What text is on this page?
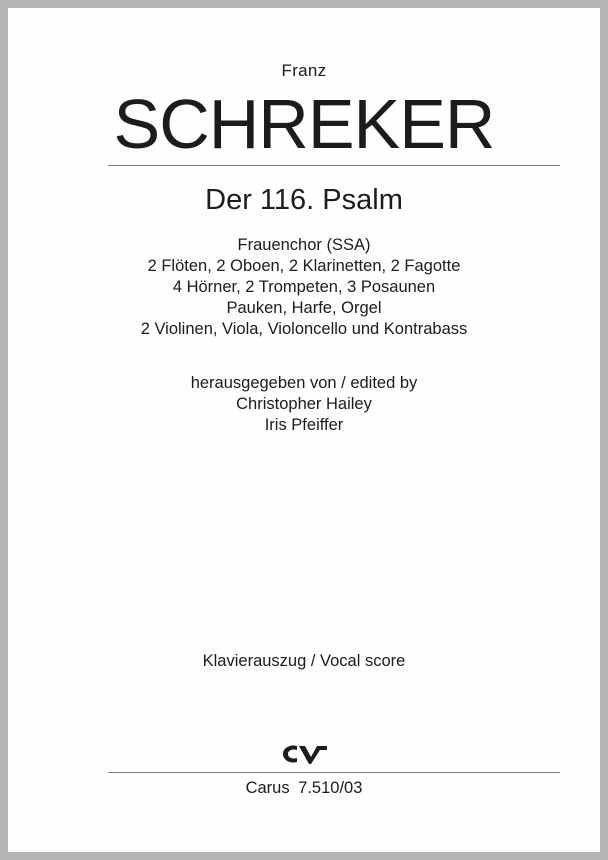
Franz
SCHREKER
Der 116. Psalm
Frauenchor (SSA)
2 Flöten, 2 Oboen, 2 Klarinetten, 2 Fagotte
4 Hörner, 2 Trompeten, 3 Posaunen
Pauken, Harfe, Orgel
2 Violinen, Viola, Violoncello und Kontrabass
herausgegeben von / edited by
Christopher Hailey
Iris Pfeiffer
Klavierauszug / Vocal score
Carus 7.510/03
